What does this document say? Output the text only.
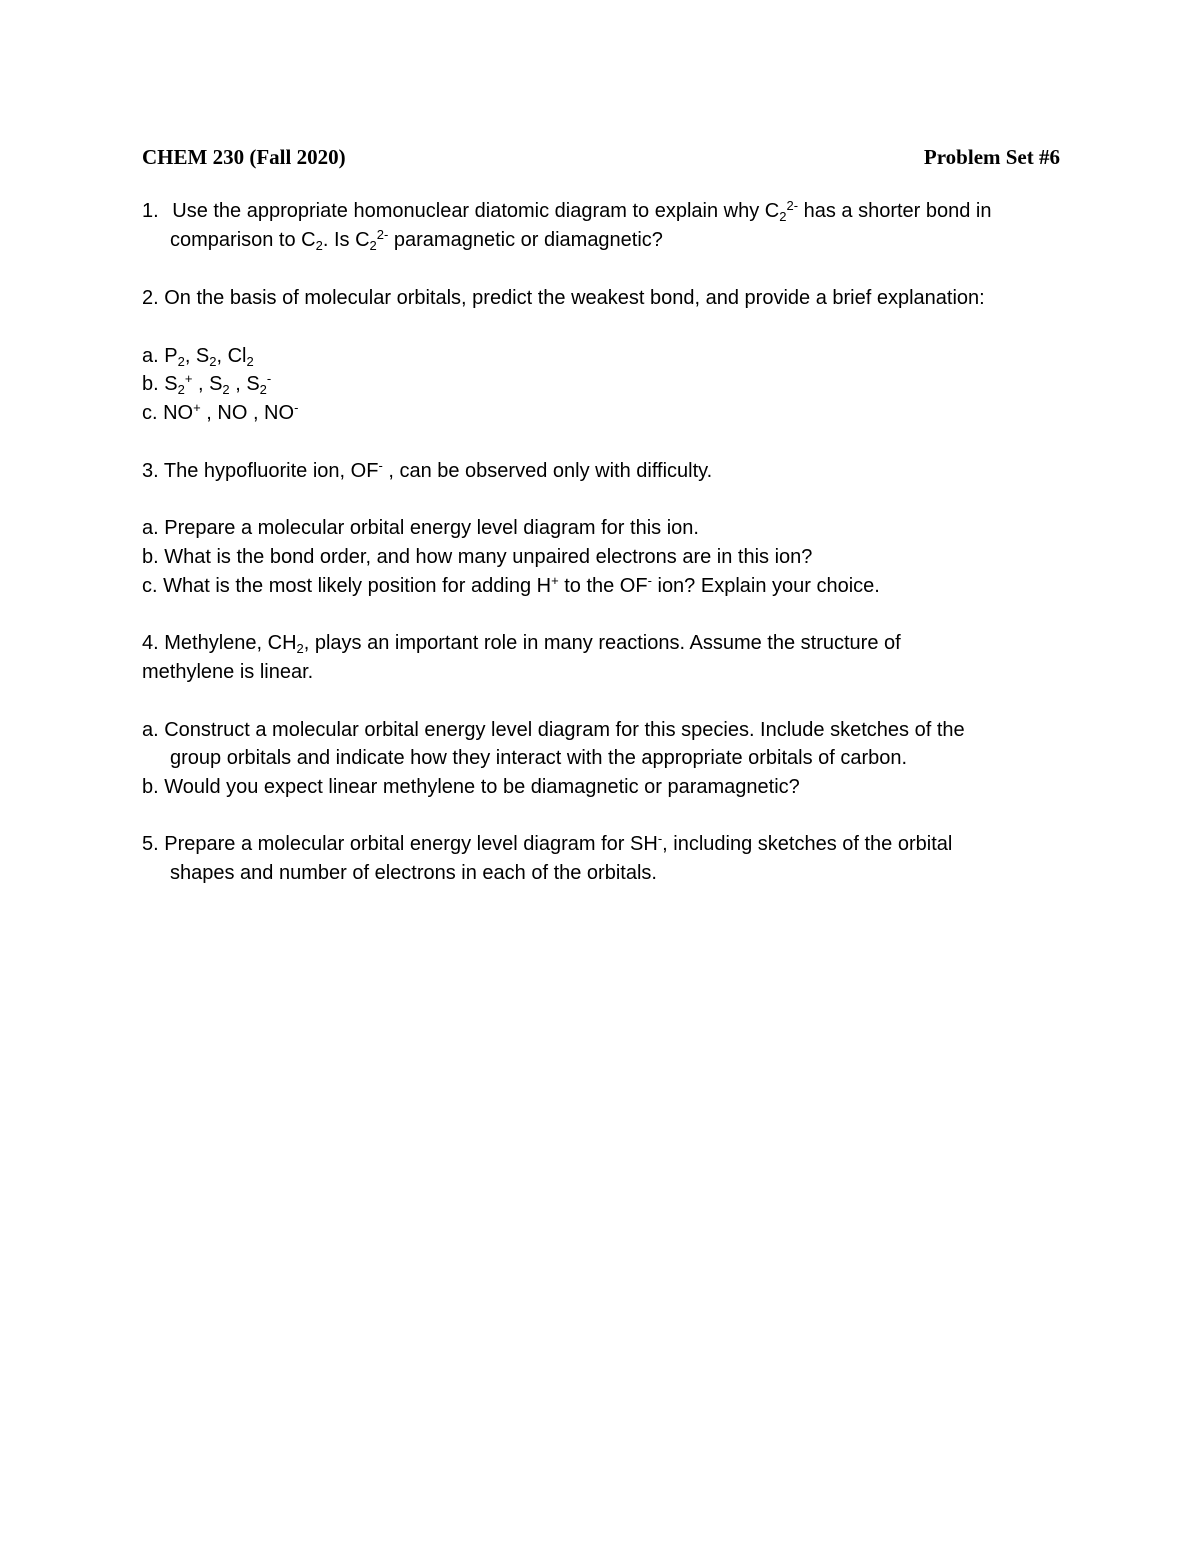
CHEM 230 (Fall 2020)	Problem Set #6
1. Use the appropriate homonuclear diatomic diagram to explain why $C_2^{2-}$ has a shorter bond in
comparison to $C_2$. Is $C_2^{2-}$ paramagnetic or diamagnetic?
2. On the basis of molecular orbitals, predict the weakest bond, and provide a brief explanation:
a. $P_2$, $S_2$, $Cl_2$
b. $S_2^+$ , $S_2$ , $S_2^-$
c. NO+ , NO , NO-
3. The hypofluorite ion, OF- , can be observed only with difficulty.
a. Prepare a molecular orbital energy level diagram for this ion.
b. What is the bond order, and how many unpaired electrons are in this ion?
c. What is the most likely position for adding H+ to the OF- ion? Explain your choice.
4. Methylene, $CH_2$, plays an important role in many reactions. Assume the structure of
methylene is linear.
a. Construct a molecular orbital energy level diagram for this species. Include sketches of the
group orbitals and indicate how they interact with the appropriate orbitals of carbon.
b. Would you expect linear methylene to be diamagnetic or paramagnetic?
5. Prepare a molecular orbital energy level diagram for SH-, including sketches of the orbital
shapes and number of electrons in each of the orbitals.
